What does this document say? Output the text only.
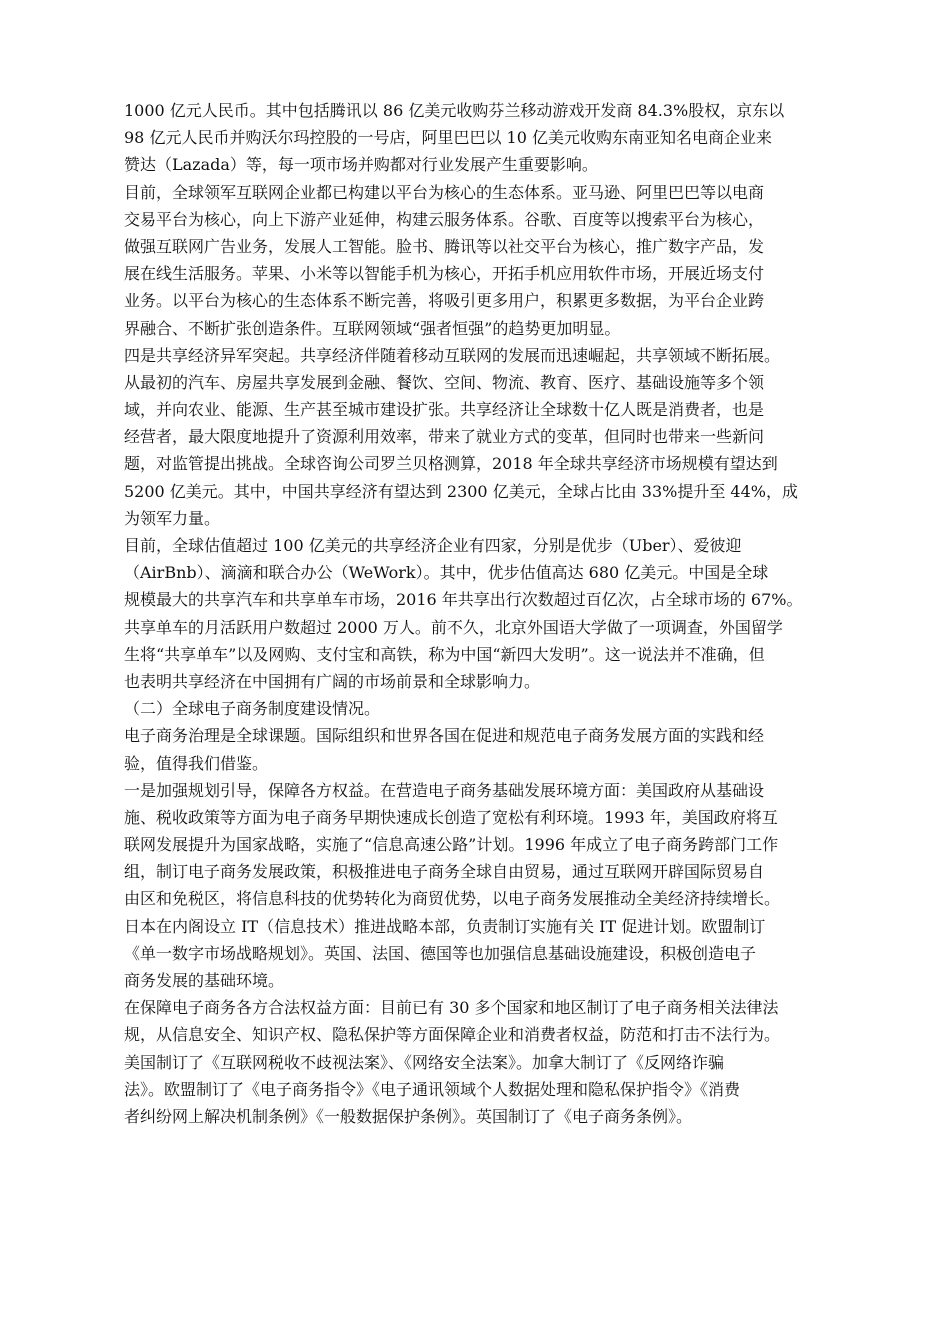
1000 亿元人民币。其中包括腾讯以 86 亿美元收购芬兰移动游戏开发商 84.3%股权，京东以
98 亿元人民币并购沃尔玛控股的一号店，阿里巴巴以 10 亿美元收购东南亚知名电商企业来
赞达（Lazada）等，每一项市场并购都对行业发展产生重要影响。
目前，全球领军互联网企业都已构建以平台为核心的生态体系。亚马逊、阿里巴巴等以电商
交易平台为核心，向上下游产业延伸，构建云服务体系。谷歌、百度等以搜索平台为核心，
做强互联网广告业务，发展人工智能。脸书、腾讯等以社交平台为核心，推广数字产品，发
展在线生活服务。苹果、小米等以智能手机为核心，开拓手机应用软件市场，开展近场支付
业务。以平台为核心的生态体系不断完善，将吸引更多用户，积累更多数据，为平台企业跨
界融合、不断扩张创造条件。互联网领域“强者恒强”的趋势更加明显。
四是共享经济异军突起。共享经济伴随着移动互联网的发展而迅速崛起，共享领域不断拓展。
从最初的汽车、房屋共享发展到金融、餐饮、空间、物流、教育、医疗、基础设施等多个领
域，并向农业、能源、生产甚至城市建设扩张。共享经济让全球数十亿人既是消费者，也是
经营者，最大限度地提升了资源利用效率，带来了就业方式的变革，但同时也带来一些新问
题，对监管提出挑战。全球咨询公司罗兰贝格测算，2018 年全球共享经济市场规模有望达到
5200 亿美元。其中，中国共享经济有望达到 2300 亿美元，全球占比由 33%提升至 44%，成
为领军力量。
目前，全球估值超过 100 亿美元的共享经济企业有四家，分别是优步（Uber）、爱彼迎
（AirBnb）、滴滴和联合办公（WeWork）。其中，优步估值高达 680 亿美元。中国是全球
规模最大的共享汽车和共享单车市场，2016 年共享出行次数超过百亿次，占全球市场的 67%。
共享单车的月活跃用户数超过 2000 万人。前不久，北京外国语大学做了一项调查，外国留学
生将“共享单车”以及网购、支付宝和高铁，称为中国“新四大发明”。这一说法并不准确，但
也表明共享经济在中国拥有广阔的市场前景和全球影响力。
（二）全球电子商务制度建设情况。
电子商务治理是全球课题。国际组织和世界各国在促进和规范电子商务发展方面的实践和经
验，值得我们借鉴。
一是加强规划引导，保障各方权益。在营造电子商务基础发展环境方面：美国政府从基础设
施、税收政策等方面为电子商务早期快速成长创造了宽松有利环境。1993 年，美国政府将互
联网发展提升为国家战略，实施了“信息高速公路”计划。1996 年成立了电子商务跨部门工作
组，制订电子商务发展政策，积极推进电子商务全球自由贸易，通过互联网开辟国际贸易自
由区和免税区，将信息科技的优势转化为商贸优势，以电子商务发展推动全美经济持续增长。
日本在内阁设立 IT（信息技术）推进战略本部，负责制订实施有关 IT 促进计划。欧盟制订
《单一数字市场战略规划》。英国、法国、德国等也加强信息基础设施建设，积极创造电子
商务发展的基础环境。
在保障电子商务各方合法权益方面：目前已有 30 多个国家和地区制订了电子商务相关法律法
规，从信息安全、知识产权、隐私保护等方面保障企业和消费者权益，防范和打击不法行为。
美国制订了《互联网税收不歧视法案》、《网络安全法案》。加拿大制订了《反网络诈骗
法》。欧盟制订了《电子商务指令》《电子通讯领域个人数据处理和隐私保护指令》《消费
者纠纷网上解决机制条例》《一般数据保护条例》。英国制订了《电子商务条例》。
